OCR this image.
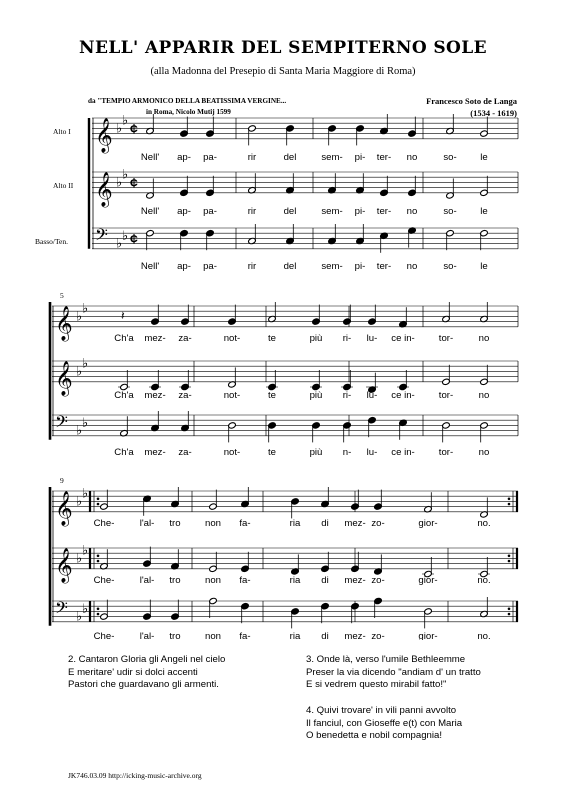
NELL' APPARIR DEL SEMPITERNO SOLE
(alla Madonna del Presepio di Santa Maria Maggiore di Roma)
da "TEMPIO ARMONICO DELLA BEATISSIMA VERGINE...
in Roma, Nicolo Mutij 1599
Francesco Soto de Langa
(1534 - 1619)
Alto I
Alto II
Basso/Ten.
5
9
𝄞 ♭
♭
¢
Nell' ap- pa-	rir	del	sem- pi- ter- no	so- le
𝄞 ♭
♭
¢
Nell' ap- pa-	rir	del	sem- pi- ter- no	so- le
𝄢 ♭
♭ ¢
Nell' ap- pa-	rir	del	sem- pi- ter- no	so- le
𝄞 ♭
♭	𝄽
Ch'a mez- za-	not-	te	più ri- lu- ce in-	tor-	no
𝄞 ♭
♭
Ch'a mez- za-	not-	te	più ri- lu- ce in-	tor-	no
𝄢 ♭
♭
Ch'a mez- za-	not-	te	più n- lu- ce in-	tor-	no
𝄞 ♭
♭
Che-	l'al- tro	non fa-	ria di mez- zo-	gior-	no.
𝄞 ♭
♭
Che-	l'al- tro	non fa-	ria di mez- zo-	gior-	no.
𝄢 ♭
♭
Che-	l'al- tro	non fa-	ria di mez- zo-	gior-	no.
2. Cantaron Gloria gli Angeli nel cielo
E meritare' udir si dolci accenti
Pastori che guardavano gli armenti.
3. Onde là, verso l'umile Bethleemme
Preser la via dicendo "andiam d' un tratto
E si vedrem questo mirabil fatto!"
4. Quivi trovare' in vili panni avvolto
Il fanciul, con Gioseffe e(t) con Maria
O benedetta e nobil compagnia!
JK746.03.09 http://icking-music-archive.org
